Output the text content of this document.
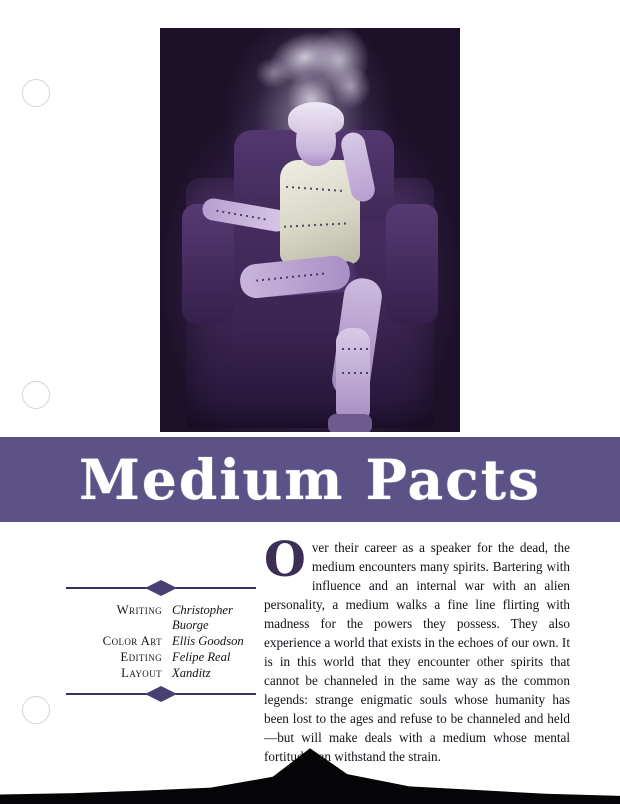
Medium Pacts
Writing Christopher Buorge
Color Art Ellis Goodson
Editing Felipe Real
Layout Xanditz
Over their career as a speaker for the dead, the medium encounters many spirits. Bartering with influence and an internal war with an alien personality, a medium walks a fine line flirting with madness for the powers they possess. They also experience a world that exists in the echoes of our own. It is in this world that they encounter other spirits that cannot be channeled in the same way as the common legends: strange enigmatic souls whose humanity has been lost to the ages and refuse to be channeled and held—but will make deals with a medium whose mental fortitude can withstand the strain.
